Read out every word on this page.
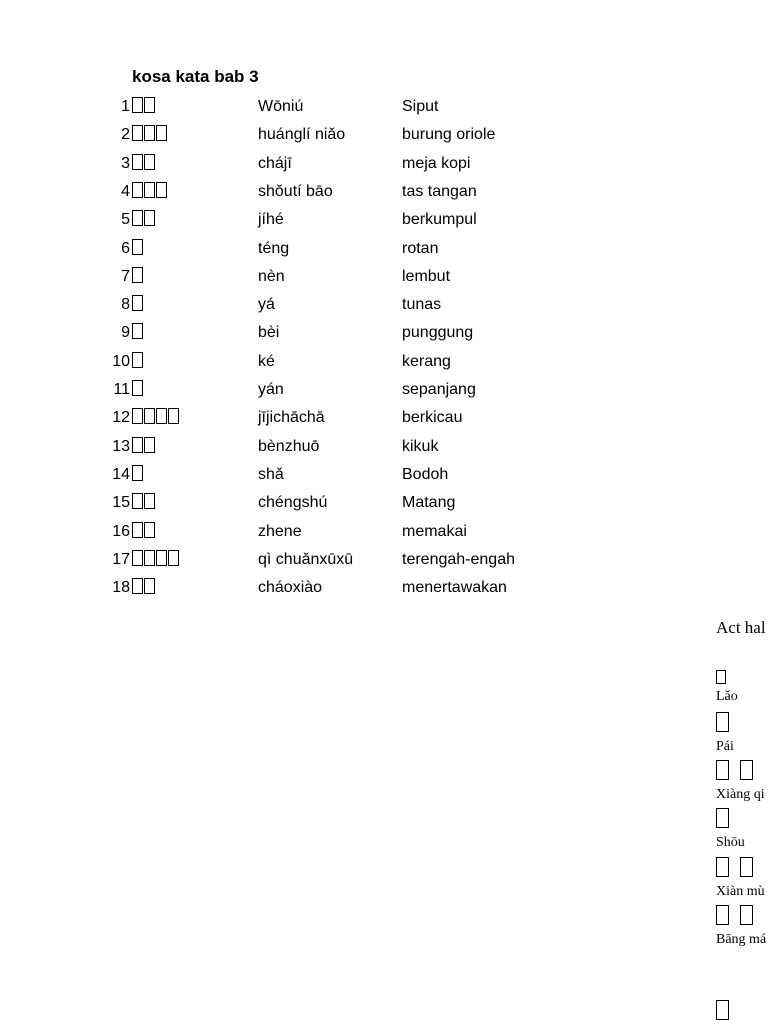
kosa kata bab 3
1	Wōniú	Siput
2	huánglí niǎo	burung oriole
3	chájī	meja kopi
4	shǒutí bāo	tas tangan
5	jíhé	berkumpul
6	téng	rotan
7	nèn	lembut
8	yá	tunas
9	bèi	punggung
10	ké	kerang
11	yán	sepanjang
12	jījichāchā	berkicau
13	bènzhuō	kikuk
14	shǎ	Bodoh
15	chéngshú	Matang
16	zhene	memakai
17	qì chuǎnxūxū	terengah-engah
18	cháoxiào	menertawakan
Act hal
Lǎo
Pái
Xiàng qi
Shōu
Xiàn mù
Bāng má
